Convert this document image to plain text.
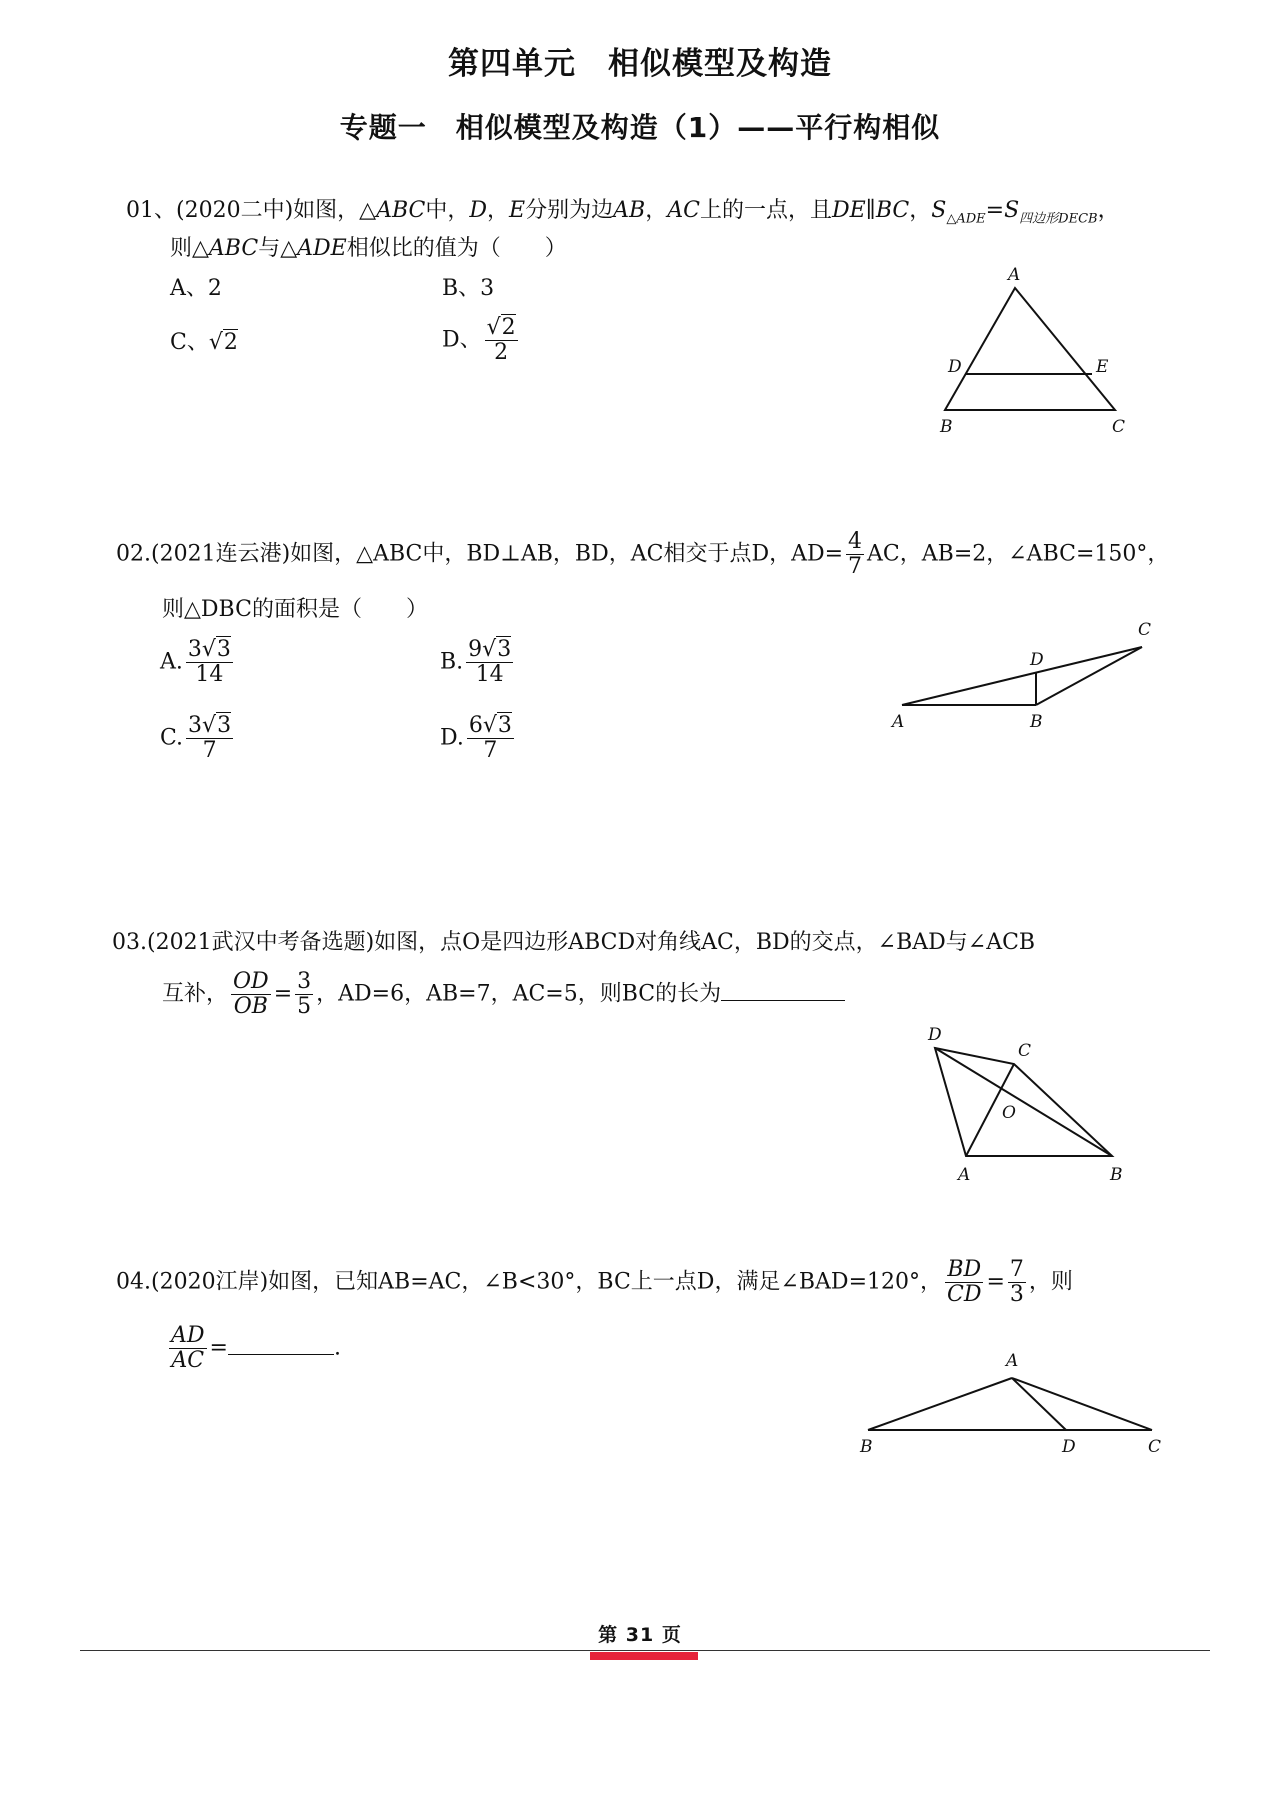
第四单元　相似模型及构造
专题一　相似模型及构造（1）——平行构相似
01、(2020二中)如图，△ABC中，D，E分别为边AB，AC上的一点，且DE∥BC，$S_{\triangle ADE}=S_{四边形DECB}$，
则△ABC与△ADE相似比的值为（　　）
A、2	B、3
C、√2	D、 $\frac{√2}{2}$
A
D	E
B	C
02.(2021连云港)如图，△ABC中，BD⊥AB，BD，AC相交于点D，$AD= \frac{4}{7}$ AC，AB=2，∠ABC=150°，
则△DBC的面积是（　　）
A. $\frac{3√3}{14}$	B. $\frac{9√3}{14}$
C. $\frac{3√3}{7}$	D. $\frac{6√3}{7}$
C
D
A	B
03.(2021武汉中考备选题)如图，点O是四边形ABCD对角线AC，BD的交点，∠BAD与∠ACB
互补， $\frac{OD}{OB} = \frac{3}{5}$ ，AD=6，AB=7，AC=5，则BC的长为
D
C
O
A	B
04.(2020江岸)如图，已知AB=AC，∠B<30°，BC上一点D，满足∠BAD=120°， $\frac{BD}{CD} = \frac{7}{3}$ ，则
$\frac{AD}{AC}$ =	.
A
B	D	C
第 31 页
